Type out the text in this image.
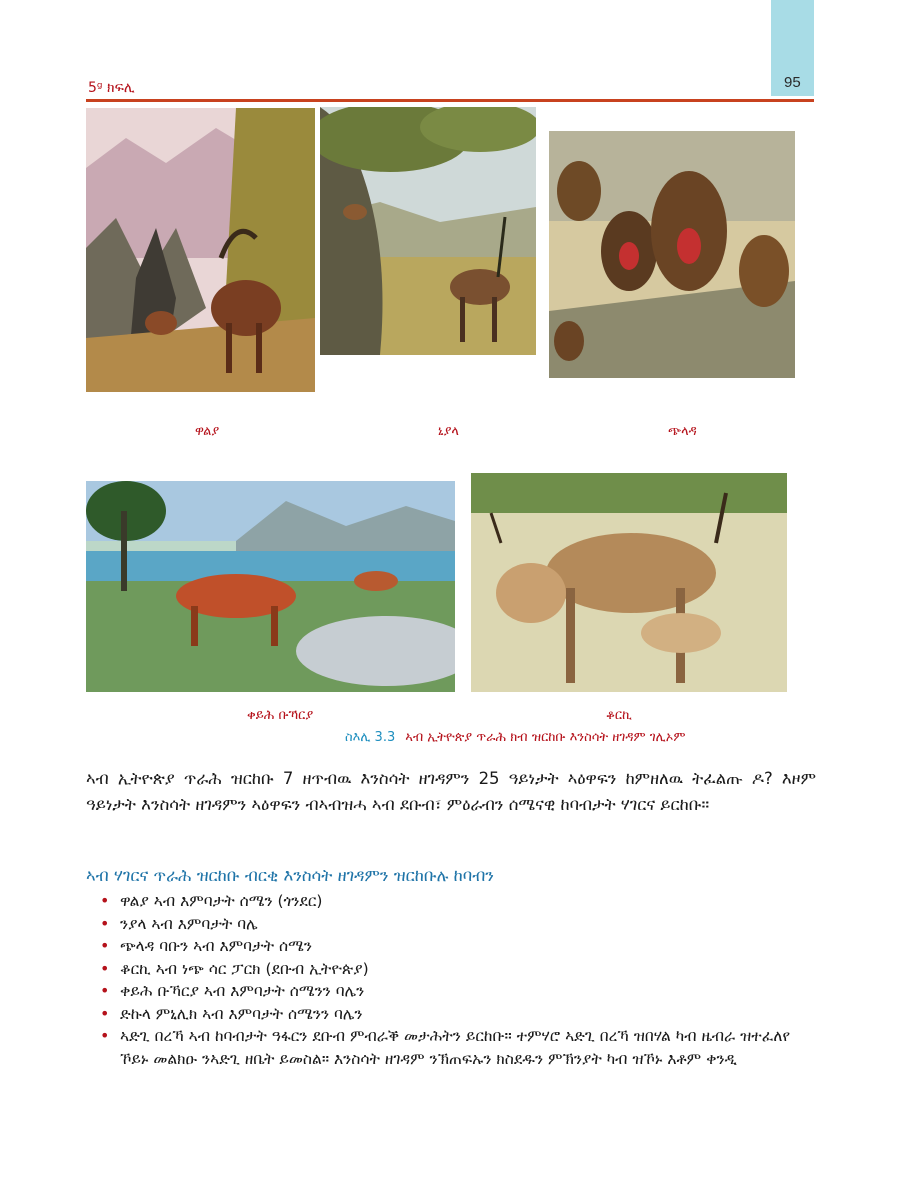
5ᵍ ክፍሊ	95
ዋልያ	ኒያላ	ጭላዳ
ቀይሕ ቡኻርያ	ቆርኪ
ስእሊ 3.3 ኣብ ኢትዮጵያ ጥራሕ ክብ ዝርከቡ እንስሳት ዘገዳም ገሊኦም

ኣብ ኢትዮጵያ ጥራሕ ዝርከቡ 7 ዘጥብዉ እንስሳት ዘገዳምን 25 ዓይነታት ኣዕዋፍን ከምዘለዉ ትፈልጡ ዶ? እዞም ዓይነታት እንስሳት ዘገዳምን ኣዕዋፍን ብኣብዝሓ ኣብ ደቡብ፣ ምዕራብን ሰሜናዊ ከባብታት ሃገርና ይርከቡ።

ኣብ ሃገርና ጥራሕ ዝርከቡ ብርቂ እንስሳት ዘገዳምን ዝርከቡሉ ከባብን
• ዋልያ ኣብ እምባታት ሰሜን (ጎንደር)
• ንያላ ኣብ እምባታት ባሌ
• ጭላዳ ባቡን ኣብ እምባታት ሰሜን
• ቆርኪ ኣብ ነጭ ሳር ፓርክ (ደቡብ ኢትዮጵያ)
• ቀይሕ ቡኻርያ ኣብ እምባታት ሰሜንን ባሌን
• ድኩላ ምኒሊክ ኣብ እምባታት ሰሜንን ባሌን
• ኣድጊ በረኻ ኣብ ከባብታት ዓፋርን ደቡብ ምብራቕ መታሕትን ይርከቡ። ተምሃሮ ኣድጊ በረኻ ዝበሃል ካብ ዜብራ ዝተፈለየ ኾይኑ መልክዑ ንኣድጊ ዘቤት ይመስል። እንስሳት ዘገዳም ንኽጠፍኡን ክስደዱን ምኽንያት ካብ ዝኾኑ እቶም ቀንዲ
